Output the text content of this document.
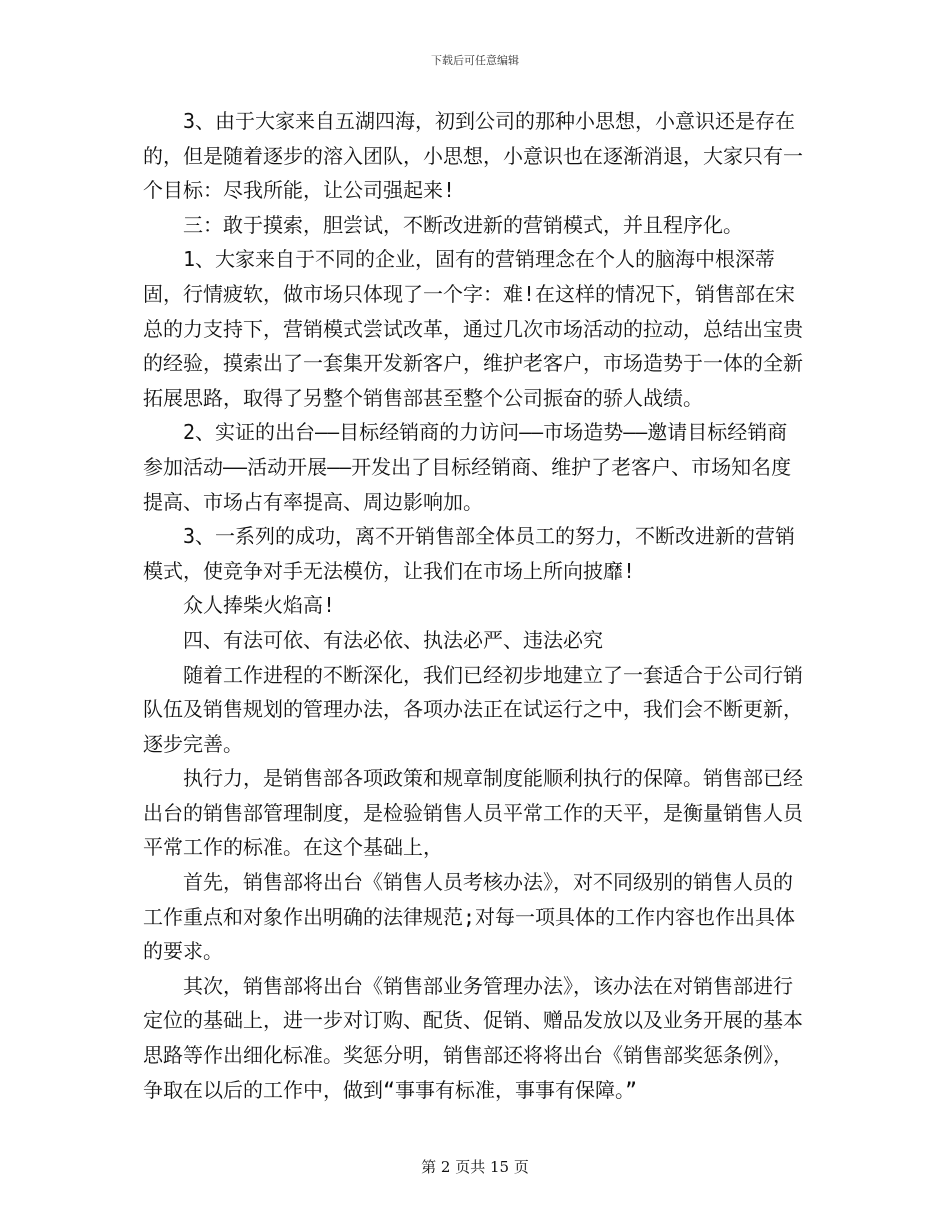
下载后可任意编辑

3、由于大家来自五湖四海，初到公司的那种小思想，小意识还是存在的，但是随着逐步的溶入团队，小思想，小意识也在逐渐消退，大家只有一个目标：尽我所能，让公司强起来!

三：敢于摸索，胆尝试，不断改进新的营销模式，并且程序化。

1、大家来自于不同的企业，固有的营销理念在个人的脑海中根深蒂固，行情疲软，做市场只体现了一个字：难!在这样的情况下，销售部在宋总的力支持下，营销模式尝试改革，通过几次市场活动的拉动，总结出宝贵的经验，摸索出了一套集开发新客户，维护老客户，市场造势于一体的全新拓展思路，取得了另整个销售部甚至整个公司振奋的骄人战绩。

2、实证的出台——目标经销商的力访问——市场造势——邀请目标经销商参加活动——活动开展——开发出了目标经销商、维护了老客户、市场知名度提高、市场占有率提高、周边影响加。

3、一系列的成功，离不开销售部全体员工的努力，不断改进新的营销模式，使竞争对手无法模仿，让我们在市场上所向披靡!

众人捧柴火焰高!

四、有法可依、有法必依、执法必严、违法必究

随着工作进程的不断深化，我们已经初步地建立了一套适合于公司行销队伍及销售规划的管理办法，各项办法正在试运行之中，我们会不断更新，逐步完善。

执行力，是销售部各项政策和规章制度能顺利执行的保障。销售部已经出台的销售部管理制度，是检验销售人员平常工作的天平，是衡量销售人员平常工作的标准。在这个基础上，

首先，销售部将出台《销售人员考核办法》，对不同级别的销售人员的工作重点和对象作出明确的法律规范;对每一项具体的工作内容也作出具体的要求。

其次，销售部将出台《销售部业务管理办法》，该办法在对销售部进行定位的基础上，进一步对订购、配货、促销、赠品发放以及业务开展的基本思路等作出细化标准。奖惩分明，销售部还将将出台《销售部奖惩条例》，争取在以后的工作中，做到“事事有标准，事事有保障。”

第 2 页共 15 页
